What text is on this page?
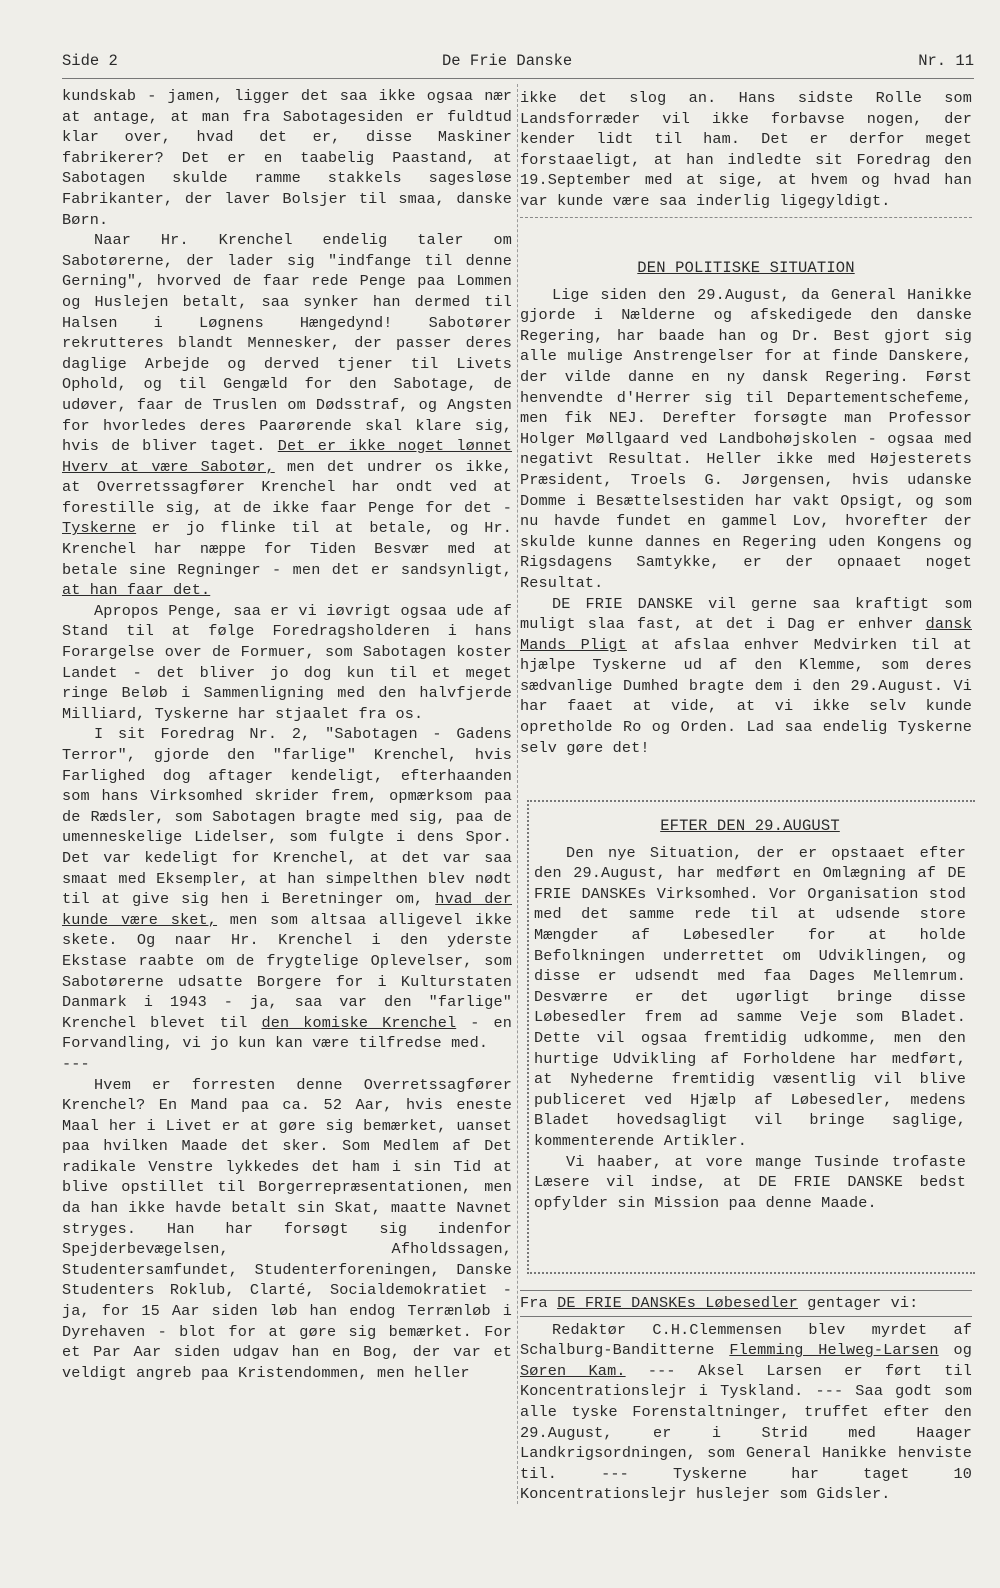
Side 2	De Frie Danske	Nr. 11

kundskab - jamen, ligger det saa ikke ogsaa nær at antage, at man fra Sabotagesiden er fuldtud klar over, hvad det er, disse Maskiner fabrikerer? Det er en taabelig Paastand, at Sabotagen skulde ramme stakkels sagesløse Fabrikanter, der laver Bolsjer til smaa, danske Børn.

Naar Hr. Krenchel endelig taler om Sabotørerne, der lader sig "indfange til denne Gerning", hvorved de faar rede Penge paa Lommen og Huslejen betalt, saa synker han dermed til Halsen i Løgnens Hængedynd! Sabotører rekrutteres blandt Mennesker, der passer deres daglige Arbejde og derved tjener til Livets Ophold, og til Gengæld for den Sabotage, de udøver, faar de Truslen om Dødsstraf, og Angsten for hvorledes deres Paarørende skal klare sig, hvis de bliver taget. Det er ikke noget lønnet Hverv at være Sabotør, men det undrer os ikke, at Overretssagfører Krenchel har ondt ved at forestille sig, at de ikke faar Penge for det - Tyskerne er jo flinke til at betale, og Hr. Krenchel har næppe for Tiden Besvær med at betale sine Regninger - men det er sandsynligt, at han faar det.

Apropos Penge, saa er vi iøvrigt ogsaa ude af Stand til at følge Foredragsholderen i hans Forargelse over de Formuer, som Sabotagen koster Landet - det bliver jo dog kun til et meget ringe Beløb i Sammenligning med den halvfjerde Milliard, Tyskerne har stjaalet fra os.

I sit Foredrag Nr. 2, "Sabotagen - Gadens Terror", gjorde den "farlige" Krenchel, hvis Farlighed dog aftager kendeligt, efterhaanden som hans Virksomhed skrider frem, opmærksom paa de Rædsler, som Sabotagen bragte med sig, paa de umenneskelige Lidelser, som fulgte i dens Spor. Det var kedeligt for Krenchel, at det var saa smaat med Eksempler, at han simpelthen blev nødt til at give sig hen i Beretninger om, hvad der kunde være sket, men som altsaa alligevel ikke skete. Og naar Hr. Krenchel i den yderste Ekstase raabte om de frygtelige Oplevelser, som Sabotørerne udsatte Borgere for i Kulturstaten Danmark i 1943 - ja, saa var den "farlige" Krenchel blevet til den komiske Krenchel - en Forvandling, vi jo kun kan være tilfredse med.

---

Hvem er forresten denne Overretssagfører Krenchel? En Mand paa ca. 52 Aar, hvis eneste Maal her i Livet er at gøre sig bemærket, uanset paa hvilken Maade det sker. Som Medlem af Det radikale Venstre lykkedes det ham i sin Tid at blive opstillet til Borgerrepræsentationen, men da han ikke havde betalt sin Skat, maatte Navnet stryges. Han har forsøgt sig indenfor Spejderbevægelsen, Afholdssagen, Studentersamfundet, Studenterforeningen, Danske Studenters Roklub, Clarté, Socialdemokratiet - ja, for 15 Aar siden løb han endog Terrænløb i Dyrehaven - blot for at gøre sig bemærket. For et Par Aar siden udgav han en Bog, der var et veldigt angreb paa Kristendommen, men heller

ikke det slog an. Hans sidste Rolle som Landsforræder vil ikke forbavse nogen, der kender lidt til ham. Det er derfor meget forstaaeligt, at han indledte sit Foredrag den 19.September med at sige, at hvem og hvad han var kunde være saa inderlig ligegyldigt.

DEN POLITISKE SITUATION

Lige siden den 29.August, da General Hanikke gjorde i Nælderne og afskedigede den danske Regering, har baade han og Dr. Best gjort sig alle mulige Anstrengelser for at finde Danskere, der vilde danne en ny dansk Regering. Først henvendte d'Herrer sig til Departementschefeme, men fik NEJ. Derefter forsøgte man Professor Holger Møllgaard ved Landbohøjskolen - ogsaa med negativt Resultat. Heller ikke med Højesterets Præsident, Troels G. Jørgensen, hvis udanske Domme i Besættelsestiden har vakt Opsigt, og som nu havde fundet en gammel Lov, hvorefter der skulde kunne dannes en Regering uden Kongens og Rigsdagens Samtykke, er der opnaaet noget Resultat.

DE FRIE DANSKE vil gerne saa kraftigt som muligt slaa fast, at det i Dag er enhver dansk Mands Pligt at afslaa enhver Medvirken til at hjælpe Tyskerne ud af den Klemme, som deres sædvanlige Dumhed bragte dem i den 29.August. Vi har faaet at vide, at vi ikke selv kunde opretholde Ro og Orden. Lad saa endelig Tyskerne selv gøre det!

EFTER DEN 29.AUGUST

Den nye Situation, der er opstaaet efter den 29.August, har medført en Omlægning af DE FRIE DANSKEs Virksomhed. Vor Organisation stod med det samme rede til at udsende store Mængder af Løbesedler for at holde Befolkningen underrettet om Udviklingen, og disse er udsendt med faa Dages Mellemrum. Desværre er det ugørligt bringe disse Løbesedler frem ad samme Veje som Bladet. Dette vil ogsaa fremtidig udkomme, men den hurtige Udvikling af Forholdene har medført, at Nyhederne fremtidig væsentlig vil blive publiceret ved Hjælp af Løbesedler, medens Bladet hovedsagligt vil bringe saglige, kommenterende Artikler.

Vi haaber, at vore mange Tusinde trofaste Læsere vil indse, at DE FRIE DANSKE bedst opfylder sin Mission paa denne Maade.

Fra DE FRIE DANSKEs Løbesedler gentager vi:

Redaktør C.H.Clemmensen blev myrdet af Schalburg-Banditterne Flemming Helweg-Larsen og Søren Kam. --- Aksel Larsen er ført til Koncentrationslejr i Tyskland. --- Saa godt som alle tyske Forenstaltninger, truffet efter den 29.August, er i Strid med Haager Landkrigsordningen, som General Hanikke henviste til. --- Tyskerne har taget 10 Koncentrationslejr huslejer som Gidsler.
